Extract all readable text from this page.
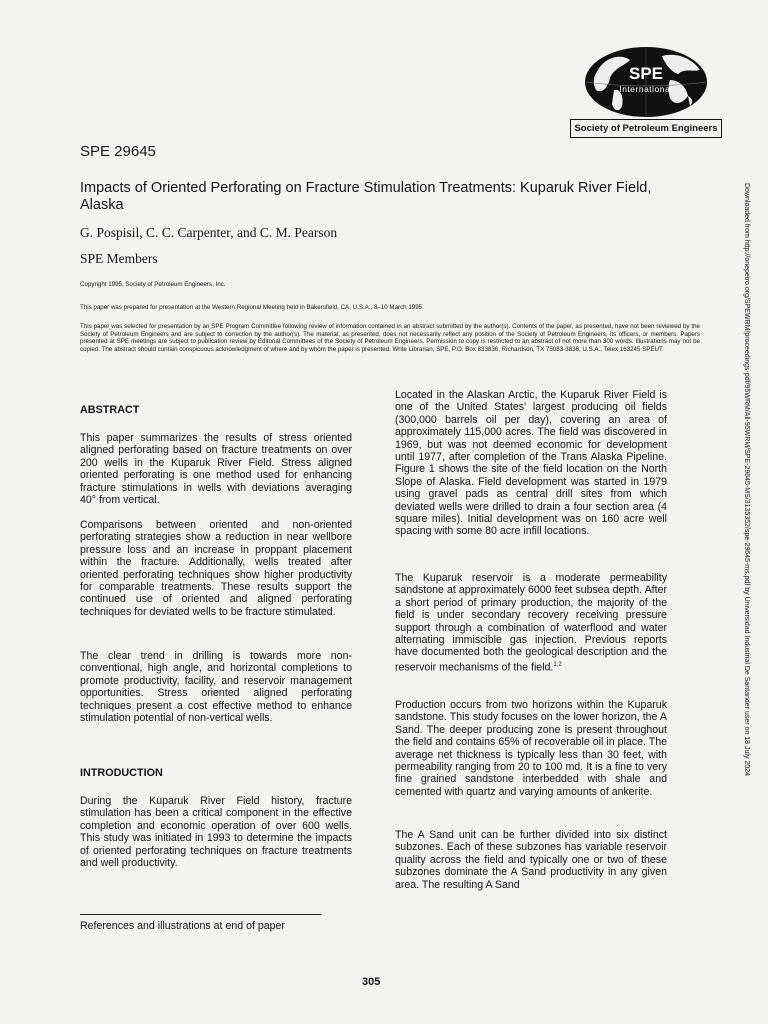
SPE
International
Society of Petroleum Engineers
SPE 29645
Impacts of Oriented Perforating on Fracture Stimulation Treatments: Kuparuk River Field, Alaska
G. Pospisil, C. C. Carpenter, and C. M. Pearson
SPE Members
Copyright 1995, Society of Petroleum Engineers, Inc.
This paper was prepared for presentation at the Western Regional Meeting held in Bakersfield, CA, U.S.A., 8–10 March 1995.
This paper was selected for presentation by an SPE Program Committee following review of information contained in an abstract submitted by the author(s). Contents of the paper, as presented, have not been reviewed by the Society of Petroleum Engineers and are subject to correction by the author(s). The material, as presented, does not necessarily reflect any position of the Society of Petroleum Engineers, its officers, or members. Papers presented at SPE meetings are subject to publication review by Editorial Committees of the Society of Petroleum Engineers. Permission to copy is restricted to an abstract of not more than 300 words. Illustrations may not be copied. The abstract should contain conspicuous acknowledgment of where and by whom the paper is presented. Write Librarian, SPE, P.O. Box 833836, Richardson, TX 75083-3836, U.S.A., Telex 163245 SPEUT.

ABSTRACT

This paper summarizes the results of stress oriented aligned perforating based on fracture treatments on over 200 wells in the Kuparuk River Field. Stress aligned oriented perforating is one method used for enhancing fracture stimulations in wells with deviations averaging 40° from vertical.

Comparisons between oriented and non-oriented perforating strategies show a reduction in near wellbore pressure loss and an increase in proppant placement within the fracture. Additionally, wells treated after oriented perforating techniques show higher productivity for comparable treatments. These results support the continued use of oriented and aligned perforating techniques for deviated wells to be fracture stimulated.

The clear trend in drilling is towards more non-conventional, high angle, and horizontal completions to promote productivity, facility, and reservoir management opportunities. Stress oriented aligned perforating techniques present a cost effective method to enhance stimulation potential of non-vertical wells.

INTRODUCTION

During the Kuparuk River Field history, fracture stimulation has been a critical component in the effective completion and economic operation of over 600 wells. This study was initiated in 1993 to determine the impacts of oriented perforating techniques on fracture treatments and well productivity.

Located in the Alaskan Arctic, the Kuparuk River Field is one of the United States' largest producing oil fields (300,000 barrels oil per day), covering an area of approximately 115,000 acres. The field was discovered in 1969, but was not deemed economic for development until 1977, after completion of the Trans Alaska Pipeline. Figure 1 shows the site of the field location on the North Slope of Alaska. Field development was started in 1979 using gravel pads as central drill sites from which deviated wells were drilled to drain a four section area (4 square miles). Initial development was on 160 acre well spacing with some 80 acre infill locations.

The Kuparuk reservoir is a moderate permeability sandstone at approximately 6000 feet subsea depth. After a short period of primary production, the majority of the field is under secondary recovery receiving pressure support through a combination of waterflood and water alternating immiscible gas injection. Previous reports have documented both the geological description and the reservoir mechanisms of the field.$^{1,2}$

Production occurs from two horizons within the Kuparuk sandstone. This study focuses on the lower horizon, the A Sand. The deeper producing zone is present throughout the field and contains 65% of recoverable oil in place. The average net thickness is typically less than 30 feet, with permeability ranging from 20 to 100 md. It is a fine to very fine grained sandstone interbedded with shale and cemented with quartz and varying amounts of ankerite.

The A Sand unit can be further divided into six distinct subzones. Each of these subzones has variable reservoir quality across the field and typically one or two of these subzones dominate the A Sand productivity in any given area. The resulting A Sand

References and illustrations at end of paper
305
Downloaded from http://onepetro.org/SPEWRM/proceedings-pdf/95WRM/All-95WRM/SPE-29645-MS/3135352/spe-29645-ms.pdf by Universidad Industrial De Santander user on 18 July 2024
